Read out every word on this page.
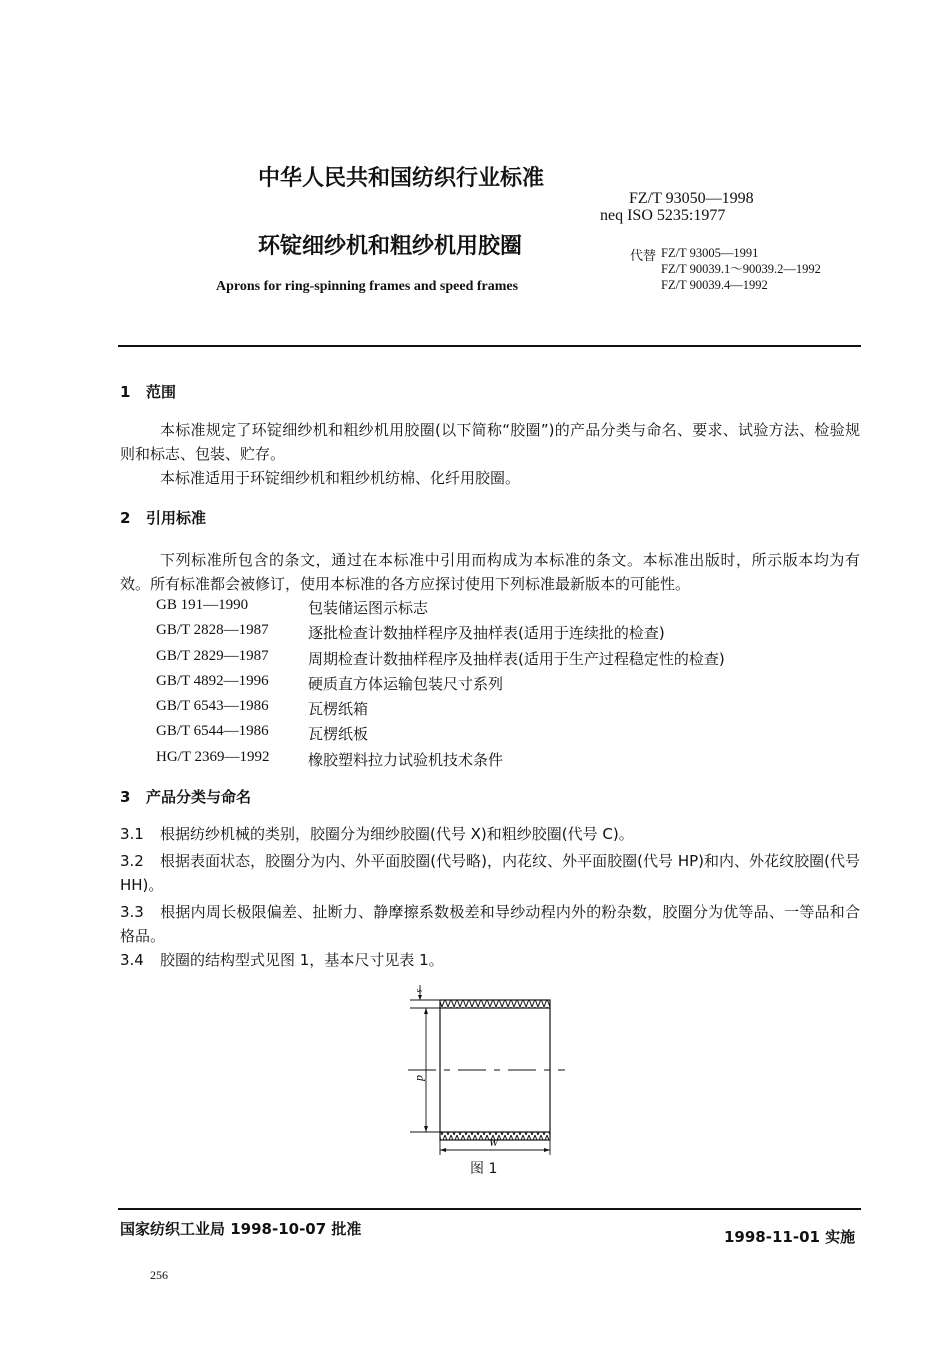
中华人民共和国纺织行业标准
环锭细纱机和粗纱机用胶圈
Aprons for ring-spinning frames and speed frames
FZ/T 93050—1998
neq ISO 5235:1977
代替 FZ/T 93005—1991
FZ/T 90039.1～90039.2—1992
FZ/T 90039.4—1992
1 范围
本标准规定了环锭细纱机和粗纱机用胶圈(以下简称“胶圈”)的产品分类与命名、要求、试验方法、检验规则和标志、包装、贮存。
本标准适用于环锭细纱机和粗纱机纺棉、化纤用胶圈。
2 引用标准
下列标准所包含的条文，通过在本标准中引用而构成为本标准的条文。本标准出版时，所示版本均为有效。所有标准都会被修订，使用本标准的各方应探讨使用下列标准最新版本的可能性。
GB 191—1990	包装储运图示标志
GB/T 2828—1987	逐批检查计数抽样程序及抽样表(适用于连续批的检查)
GB/T 2829—1987	周期检查计数抽样程序及抽样表(适用于生产过程稳定性的检查)
GB/T 4892—1996	硬质直方体运输包装尺寸系列
GB/T 6543—1986	瓦楞纸箱
GB/T 6544—1986	瓦楞纸板
HG/T 2369—1992	橡胶塑料拉力试验机技术条件
3 产品分类与命名
3.1 根据纺纱机械的类别，胶圈分为细纱胶圈(代号 X)和粗纱胶圈(代号 C)。
3.2 根据表面状态，胶圈分为内、外平面胶圈(代号略)，内花纹、外平面胶圈(代号 HP)和内、外花纹胶圈(代号 HH)。
3.3 根据内周长极限偏差、扯断力、静摩擦系数极差和导纱动程内外的粉杂数，胶圈分为优等品、一等品和合格品。
3.4 胶圈的结构型式见图 1，基本尺寸见表 1。
s
d
W
图 1
国家纺织工业局 1998-10-07 批准	1998-11-01 实施
256
